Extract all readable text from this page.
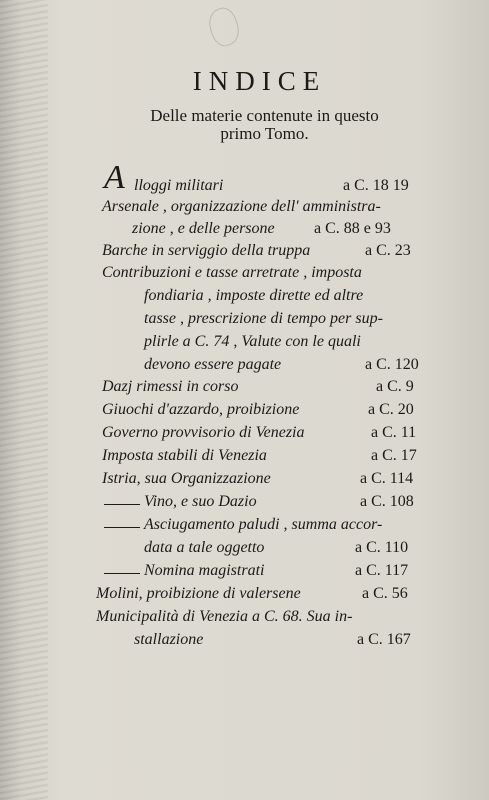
INDICE
Delle materie contenute in questo
primo Tomo.
A lloggi militari	a C. 18 19
Arsenale , organizzazione dell' amministra-
zione , e delle persone a C. 88 e 93
Barche in serviggio della truppa	a C. 23
Contribuzioni e tasse arretrate , imposta
fondiaria , imposte dirette ed altre
tasse , prescrizione di tempo per sup-
plirle a C. 74 , Valute con le quali
devono essere pagate	a C. 120
Dazj rimessi in corso	a C. 9
Giuochi d'azzardo, proibizione	a C. 20
Governo provvisorio di Venezia	a C. 11
Imposta stabili di Venezia	a C. 17
Istria, sua Organizzazione	a C. 114
Vino, e suo Dazio	a C. 108
Asciugamento paludi , summa accor-
data a tale oggetto	a C. 110
Nomina magistrati	a C. 117
Molini, proibizione di valersene	a C. 56
Municipalità di Venezia a C. 68. Sua in-
stallazione	a C. 167
